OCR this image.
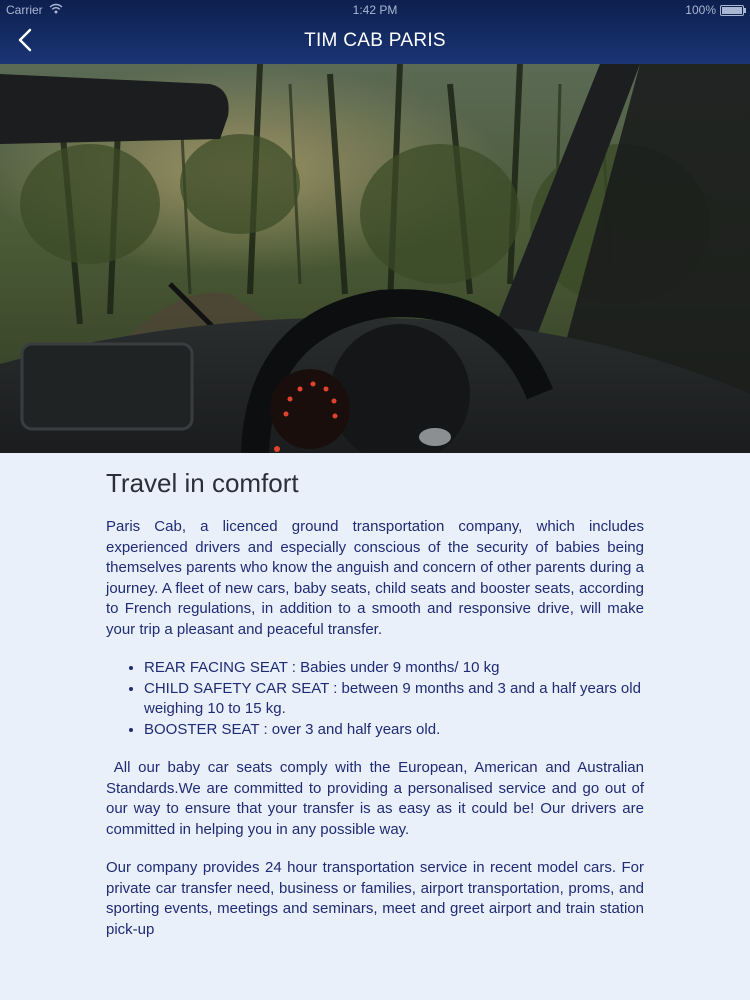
TIM CAB PARIS
Carrier	1:42 PM	100%
Travel in comfort

Paris Cab, a licenced ground transportation company, which includes experienced drivers and especially conscious of the security of babies being themselves parents who know the anguish and concern of other parents during a journey. A fleet of new cars, baby seats, child seats and booster seats, according to French regulations, in addition to a smooth and responsive drive, will make your trip a pleasant and peaceful transfer.

• REAR FACING SEAT : Babies under 9 months/ 10 kg
• CHILD SAFETY CAR SEAT : between 9 months and 3 and a half years old weighing 10 to 15 kg.
• BOOSTER SEAT : over 3 and half years old.

All our baby car seats comply with the European, American and Australian Standards.We are committed to providing a personalised service and go out of our way to ensure that your transfer is as easy as it could be! Our drivers are committed in helping you in any possible way.

Our company provides 24 hour transportation service in recent model cars. For private car transfer need, business or families, airport transportation, proms, and sporting events, meetings and seminars, meet and greet airport and train station pick-up
